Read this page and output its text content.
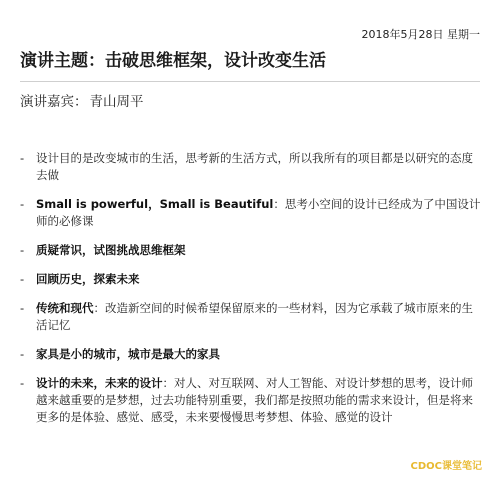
2018年5月28日 星期一
演讲主题：击破思维框架，设计改变生活
演讲嘉宾： 青山周平
- 设计目的是改变城市的生活，思考新的生活方式，所以我所有的项目都是以研究的态度去做
- Small is powerful，Small is Beautiful：思考小空间的设计已经成为了中国设计师的必修课
- 质疑常识，试图挑战思维框架
- 回顾历史，探索未来
- 传统和现代：改造新空间的时候希望保留原来的一些材料，因为它承载了城市原来的生活记忆
- 家具是小的城市，城市是最大的家具
- 设计的未来，未来的设计：对人、对互联网、对人工智能、对设计梦想的思考，设计师越来越重要的是梦想，过去功能特别重要，我们都是按照功能的需求来设计，但是将来更多的是体验、感觉、感受，未来要慢慢思考梦想、体验、感觉的设计
CDOC课堂笔记
